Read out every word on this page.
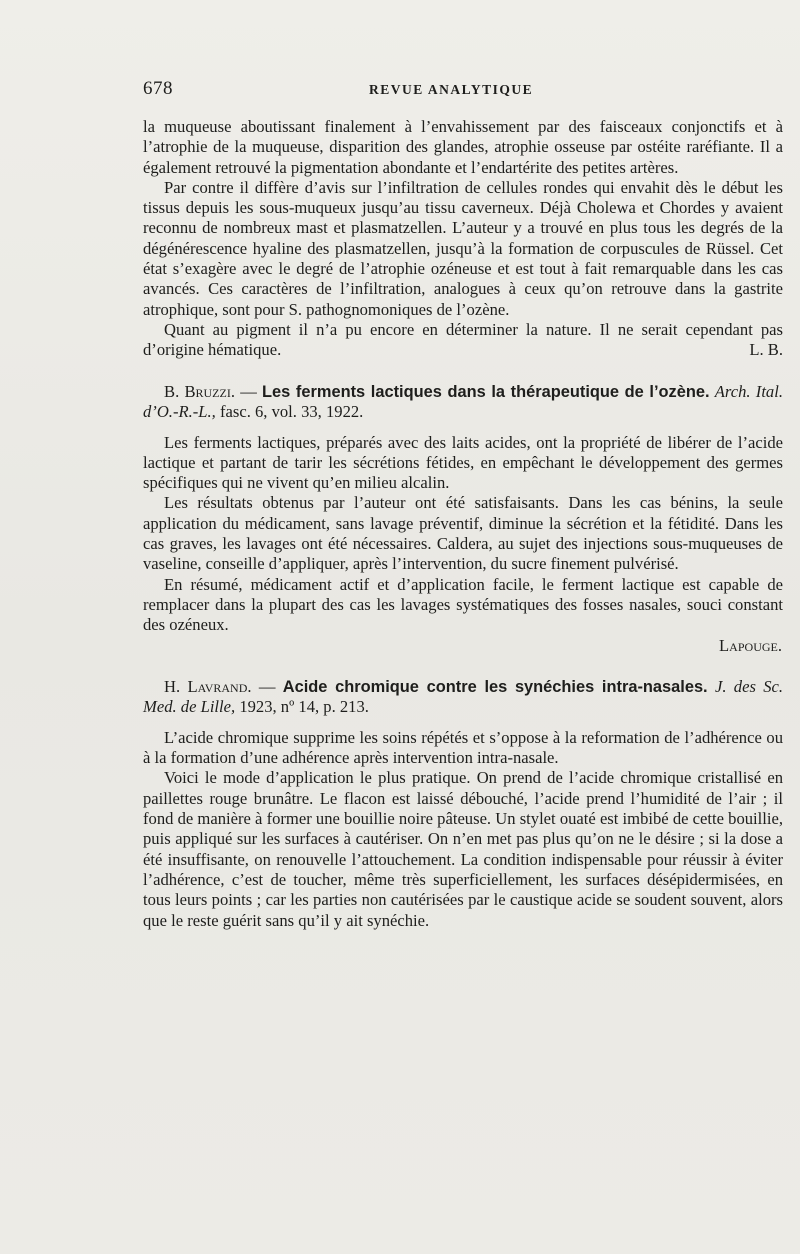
678	REVUE ANALYTIQUE

la muqueuse aboutissant finalement à l’envahissement par des faisceaux conjonctifs et à l’atrophie de la muqueuse, disparition des glandes, atrophie osseuse par ostéite raréfiante. Il a également retrouvé la pigmentation abondante et l’endartérite des petites artères.

Par contre il diffère d’avis sur l’infiltration de cellules rondes qui envahit dès le début les tissus depuis les sous-muqueux jusqu’au tissu caverneux. Déjà Cholewa et Chordes y avaient reconnu de nombreux mast et plasmatzellen. L’auteur y a trouvé en plus tous les degrés de la dégénérescence hyaline des plasmatzellen, jusqu’à la formation de corpuscules de Rüssel. Cet état s’exagère avec le degré de l’atrophie ozéneuse et est tout à fait remarquable dans les cas avancés. Ces caractères de l’infiltration, analogues à ceux qu’on retrouve dans la gastrite atrophique, sont pour S. pathognomoniques de l’ozène.

Quant au pigment il n’a pu encore en déterminer la nature. Il ne serait cependant pas d’origine hématique.	L. B.

B. Bruzzi. — Les ferments lactiques dans la thérapeutique de l’ozène. Arch. Ital. d’O.-R.-L., fasc. 6, vol. 33, 1922.

Les ferments lactiques, préparés avec des laits acides, ont la propriété de libérer de l’acide lactique et partant de tarir les sécrétions fétides, en empêchant le développement des germes spécifiques qui ne vivent qu’en milieu alcalin.

Les résultats obtenus par l’auteur ont été satisfaisants. Dans les cas bénins, la seule application du médicament, sans lavage préventif, diminue la sécrétion et la fétidité. Dans les cas graves, les lavages ont été nécessaires. Caldera, au sujet des injections sous-muqueuses de vaseline, conseille d’appliquer, après l’intervention, du sucre finement pulvérisé.

En résumé, médicament actif et d’application facile, le ferment lactique est capable de remplacer dans la plupart des cas les lavages systématiques des fosses nasales, souci constant des ozéneux.

Lapouge.

H. Lavrand. — Acide chromique contre les synéchies intra-nasales. J. des Sc. Med. de Lille, 1923, nº 14, p. 213.

L’acide chromique supprime les soins répétés et s’oppose à la reformation de l’adhérence ou à la formation d’une adhérence après intervention intra-nasale.

Voici le mode d’application le plus pratique. On prend de l’acide chromique cristallisé en paillettes rouge brunâtre. Le flacon est laissé débouché, l’acide prend l’humidité de l’air ; il fond de manière à former une bouillie noire pâteuse. Un stylet ouaté est imbibé de cette bouillie, puis appliqué sur les surfaces à cautériser. On n’en met pas plus qu’on ne le désire ; si la dose a été insuffisante, on renouvelle l’attouchement. La condition indispensable pour réussir à éviter l’adhérence, c’est de toucher, même très superficiellement, les surfaces désépidermisées, en tous leurs points ; car les parties non cautérisées par le caustique acide se soudent souvent, alors que le reste guérit sans qu’il y ait synéchie.
